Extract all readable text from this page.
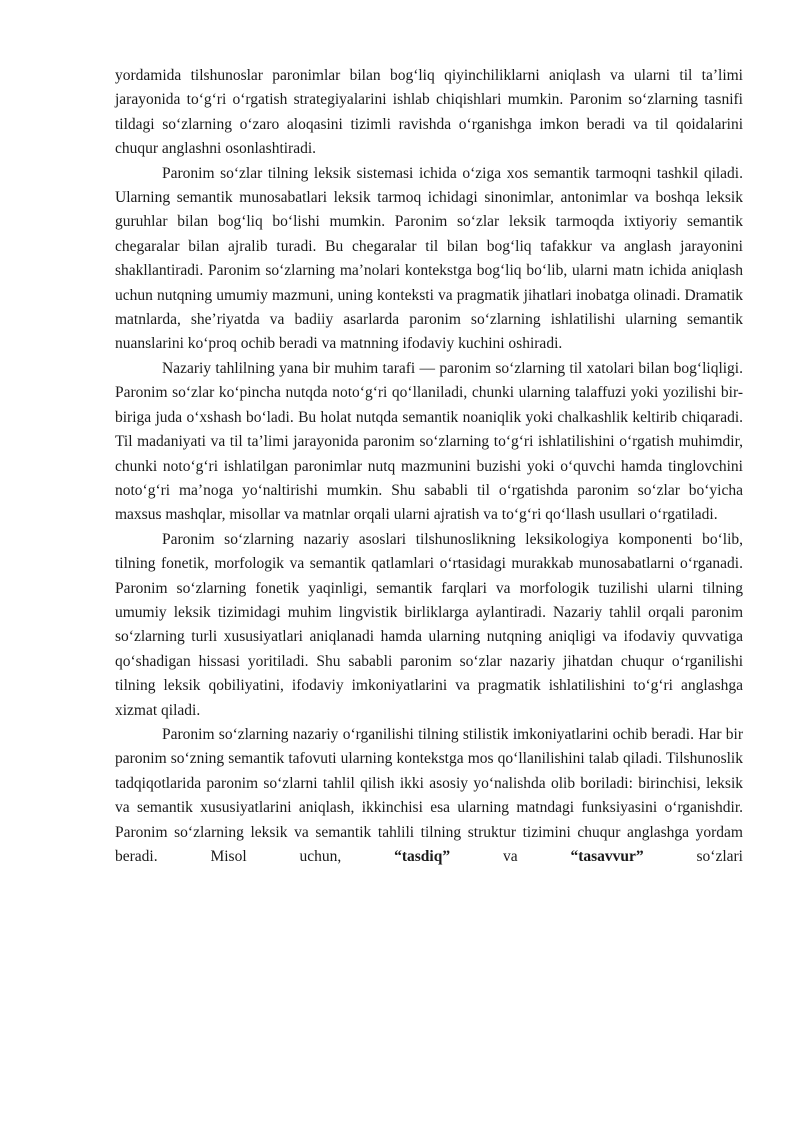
yordamida tilshunoslar paronimlar bilan bog‘liq qiyinchiliklarni aniqlash va ularni til ta’limi jarayonida to‘g‘ri o‘rgatish strategiyalarini ishlab chiqishlari mumkin. Paronim so‘zlarning tasnifi tildagi so‘zlarning o‘zaro aloqasini tizimli ravishda o‘rganishga imkon beradi va til qoidalarini chuqur anglashni osonlashtiradi.

Paronim so‘zlar tilning leksik sistemasi ichida o‘ziga xos semantik tarmoqni tashkil qiladi. Ularning semantik munosabatlari leksik tarmoq ichidagi sinonimlar, antonimlar va boshqa leksik guruhlar bilan bog‘liq bo‘lishi mumkin. Paronim so‘zlar leksik tarmoqda ixtiyoriy semantik chegaralar bilan ajralib turadi. Bu chegaralar til bilan bog‘liq tafakkur va anglash jarayonini shakllantiradi. Paronim so‘zlarning ma’nolari kontekstga bog‘liq bo‘lib, ularni matn ichida aniqlash uchun nutqning umumiy mazmuni, uning konteksti va pragmatik jihatlari inobatga olinadi. Dramatik matnlarda, she’riyatda va badiiy asarlarda paronim so‘zlarning ishlatilishi ularning semantik nuanslarini ko‘proq ochib beradi va matnning ifodaviy kuchini oshiradi.

Nazariy tahlilning yana bir muhim tarafi — paronim so‘zlarning til xatolari bilan bog‘liqligi. Paronim so‘zlar ko‘pincha nutqda noto‘g‘ri qo‘llaniladi, chunki ularning talaffuzi yoki yozilishi bir-biriga juda o‘xshash bo‘ladi. Bu holat nutqda semantik noaniqlik yoki chalkashlik keltirib chiqaradi. Til madaniyati va til ta’limi jarayonida paronim so‘zlarning to‘g‘ri ishlatilishini o‘rgatish muhimdir, chunki noto‘g‘ri ishlatilgan paronimlar nutq mazmunini buzishi yoki o‘quvchi hamda tinglovchini noto‘g‘ri ma’noga yo‘naltirishi mumkin. Shu sababli til o‘rgatishda paronim so‘zlar bo‘yicha maxsus mashqlar, misollar va matnlar orqali ularni ajratish va to‘g‘ri qo‘llash usullari o‘rgatiladi.

Paronim so‘zlarning nazariy asoslari tilshunoslikning leksikologiya komponenti bo‘lib, tilning fonetik, morfologik va semantik qatlamlari o‘rtasidagi murakkab munosabatlarni o‘rganadi. Paronim so‘zlarning fonetik yaqinligi, semantik farqlari va morfologik tuzilishi ularni tilning umumiy leksik tizimidagi muhim lingvistik birliklarga aylantiradi. Nazariy tahlil orqali paronim so‘zlarning turli xususiyatlari aniqlanadi hamda ularning nutqning aniqligi va ifodaviy quvvatiga qo‘shadigan hissasi yoritiladi. Shu sababli paronim so‘zlar nazariy jihatdan chuqur o‘rganilishi tilning leksik qobiliyatini, ifodaviy imkoniyatlarini va pragmatik ishlatilishini to‘g‘ri anglashga xizmat qiladi.

Paronim so‘zlarning nazariy o‘rganilishi tilning stilistik imkoniyatlarini ochib beradi. Har bir paronim so‘zning semantik tafovuti ularning kontekstga mos qo‘llanilishini talab qiladi. Tilshunoslik tadqiqotlarida paronim so‘zlarni tahlil qilish ikki asosiy yo‘nalishda olib boriladi: birinchisi, leksik va semantik xususiyatlarini aniqlash, ikkinchisi esa ularning matndagi funksiyasini o‘rganishdir. Paronim so‘zlarning leksik va semantik tahlili tilning struktur tizimini chuqur anglashga yordam beradi. Misol uchun, “tasdiq” va “tasavvur” so‘zlari
